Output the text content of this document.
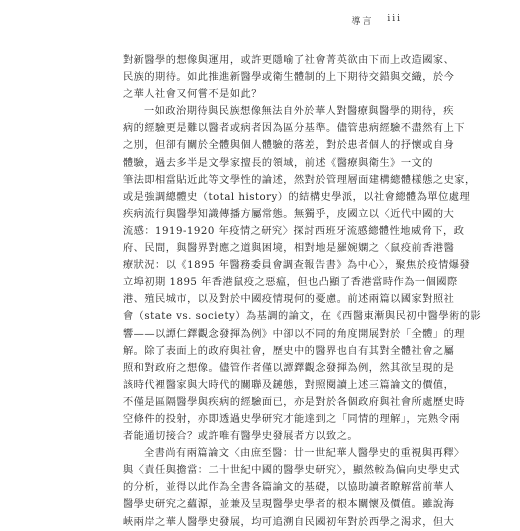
導言 iii
對新醫學的想像與運用，或許更隱喻了社會菁英欲由下而上改造國家、
民族的期待。如此推進新醫學或衛生體制的上下期待交錯與交織，於今
之華人社會又何嘗不是如此？
一如政治期待與民族想像無法自外於華人對醫療與醫學的期待，疾
病的經驗更是難以醫者或病者因為區分基準。儘管患病經驗不盡然有上下
之別，但卻有關於全體與個人體驗的落差，對於患者個人的抒懷或自身
體驗，過去多半是文學家擅長的領域，前述《醫療與衛生》一文的
筆法即相當貼近此等文學性的論述，然對於管理層面建構總體樣態之史家，
或是強調總體史（total history）的結構史學派，以社會總體為單位處理
疾病流行與醫學知識傳播方屬常態。無獨乎，皮國立以〈近代中國的大
流感：1919-1920 年疫情之研究〉探討西班牙流感總體性地威脅下，政
府、民間，與醫界對應之道與困境，相對地是羅婉嫻之〈鼠疫前香港醫
療狀況：以《1895 年醫務委員會調查報告書》為中心〉，聚焦於疫情爆發
立埠初期 1895 年香港鼠疫之惡瘟，但也凸顯了香港當時作為一個國際
港、殖民城市，以及對於中國疫情現何的憂慮。前述兩篇以國家對照社
會（state vs. society）為基調的論文，在《西醫東漸與民初中醫學術的影
響——以譚仁鐸觀念發揮為例》中卻以不同的角度開展對於「全體」的理
解。除了表面上的政府與社會，歷史中的醫界也自有其對全體社會之屬
照和對政府之想像。儘管作者僅以譚鐸觀念發揮為例，然其欲呈現的是
該時代裡醫家與大時代的關聯及鏈態，對照閱讀上述三篇論文的價值，
不僅是區隔醫學與疾病的經驗面已，亦是對於各個政府與社會所處歷史時
空條件的投射，亦即透過史學研究才能達到之「同情的理解」，完熟令兩
者能通切接合？或許唯有醫學史發展者方以致之。
全書尚有兩篇論文〈由庶至醫：廿一世紀華人醫學史的重視與再釋〉
與〈責任與擔當：二十世紀中國的醫學史研究〉，顯然較為偏向史學史式
的分析，並得以此作為全書各篇論文的基礎，以協助讀者瞭解當前華人
醫學史研究之蘊源，並兼及呈現醫學史學者的根本關懷及價值。雖說海
峽兩岸之華人醫學史發展，均可追溯自民國初年對於西學之渴求，但大
